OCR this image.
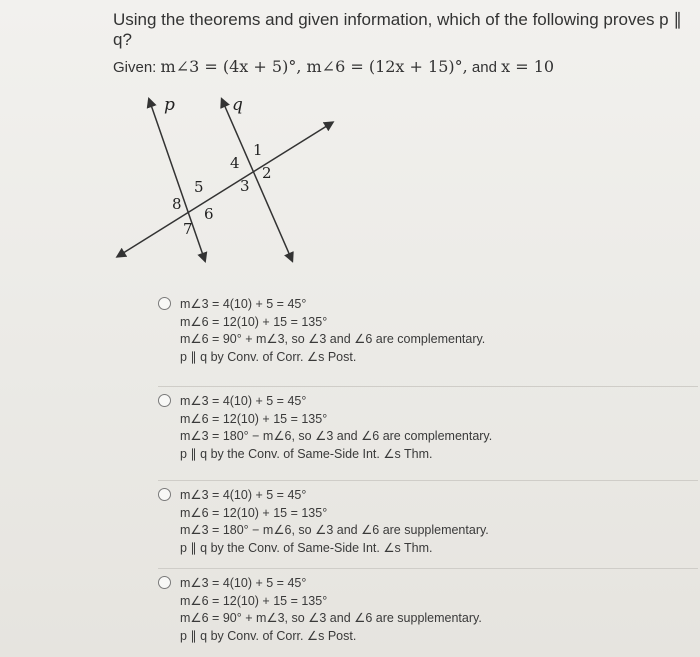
Using the theorems and given information, which of the following proves p ∥ q?
Given: m∠3 = (4x + 5)°, m∠6 = (12x + 15)°, and x = 10
p	q
1
2
3
4
5
6
7
8
m∠3 = 4(10) + 5 = 45°
m∠6 = 12(10) + 15 = 135°
m∠6 = 90° + m∠3, so ∠3 and ∠6 are complementary.
p ∥ q by Conv. of Corr. ∠s Post.
m∠3 = 4(10) + 5 = 45°
m∠6 = 12(10) + 15 = 135°
m∠3 = 180° − m∠6, so ∠3 and ∠6 are complementary.
p ∥ q by the Conv. of Same-Side Int. ∠s Thm.
m∠3 = 4(10) + 5 = 45°
m∠6 = 12(10) + 15 = 135°
m∠3 = 180° − m∠6, so ∠3 and ∠6 are supplementary.
p ∥ q by the Conv. of Same-Side Int. ∠s Thm.
m∠3 = 4(10) + 5 = 45°
m∠6 = 12(10) + 15 = 135°
m∠6 = 90° + m∠3, so ∠3 and ∠6 are supplementary.
p ∥ q by Conv. of Corr. ∠s Post.
